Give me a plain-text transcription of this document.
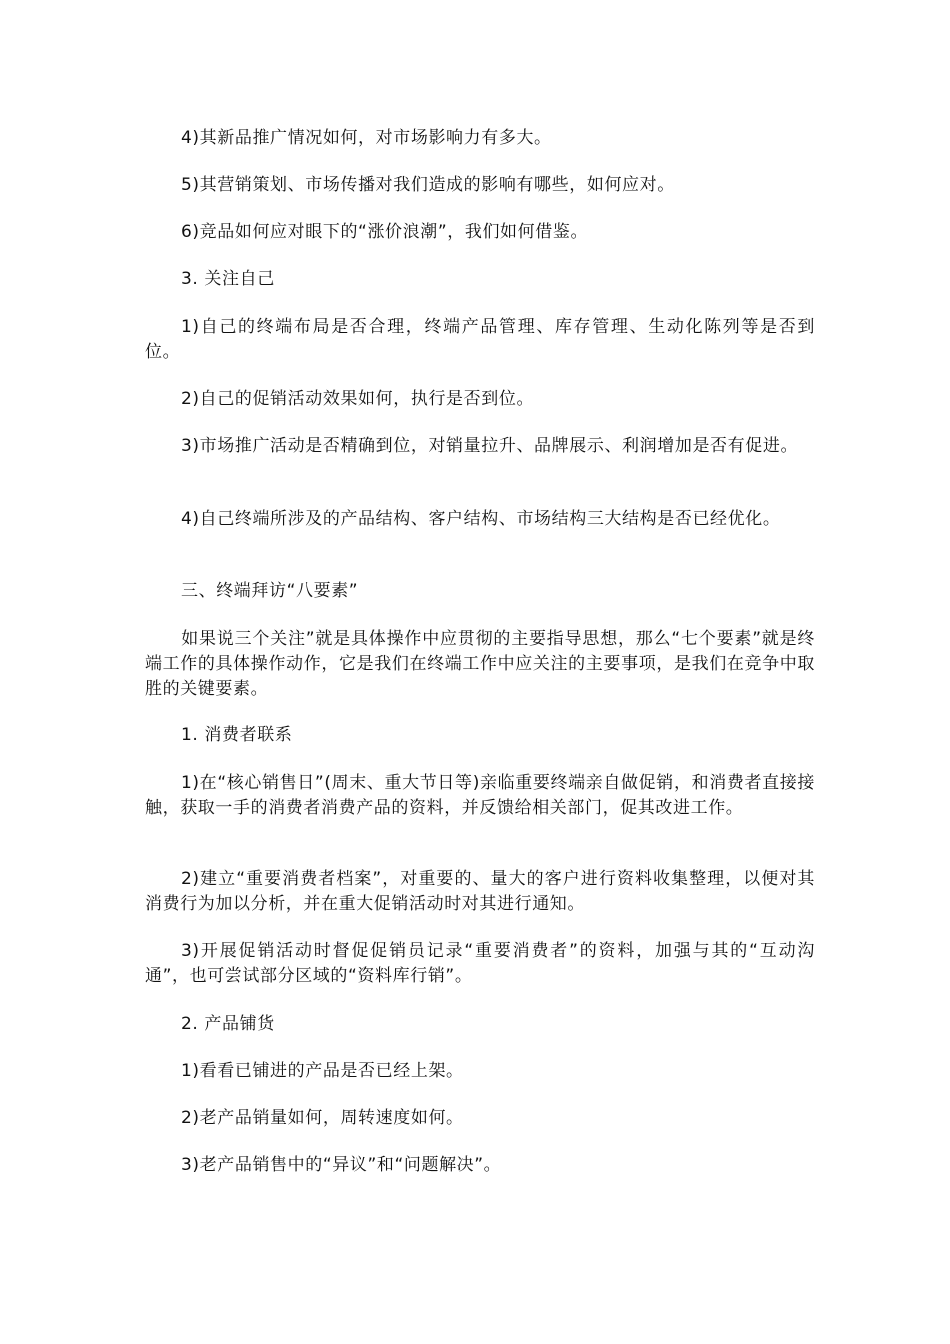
4)其新品推广情况如何，对市场影响力有多大。
5)其营销策划、市场传播对我们造成的影响有哪些，如何应对。
6)竞品如何应对眼下的“涨价浪潮”，我们如何借鉴。
3. 关注自己
1)自己的终端布局是否合理，终端产品管理、库存管理、生动化陈列等是否到位。
2)自己的促销活动效果如何，执行是否到位。
3)市场推广活动是否精确到位，对销量拉升、品牌展示、利润增加是否有促进。
4)自己终端所涉及的产品结构、客户结构、市场结构三大结构是否已经优化。
三、终端拜访“八要素”
如果说三个关注”就是具体操作中应贯彻的主要指导思想，那么“七个要素”就是终端工作的具体操作动作，它是我们在终端工作中应关注的主要事项，是我们在竞争中取胜的关键要素。
1. 消费者联系
1)在“核心销售日”(周末、重大节日等)亲临重要终端亲自做促销，和消费者直接接触，获取一手的消费者消费产品的资料，并反馈给相关部门，促其改进工作。
2)建立“重要消费者档案”，对重要的、量大的客户进行资料收集整理，以便对其消费行为加以分析，并在重大促销活动时对其进行通知。
3)开展促销活动时督促促销员记录“重要消费者”的资料，加强与其的“互动沟通”，也可尝试部分区域的“资料库行销”。
2. 产品铺货
1)看看已铺进的产品是否已经上架。
2)老产品销量如何，周转速度如何。
3)老产品销售中的“异议”和“问题解决”。
